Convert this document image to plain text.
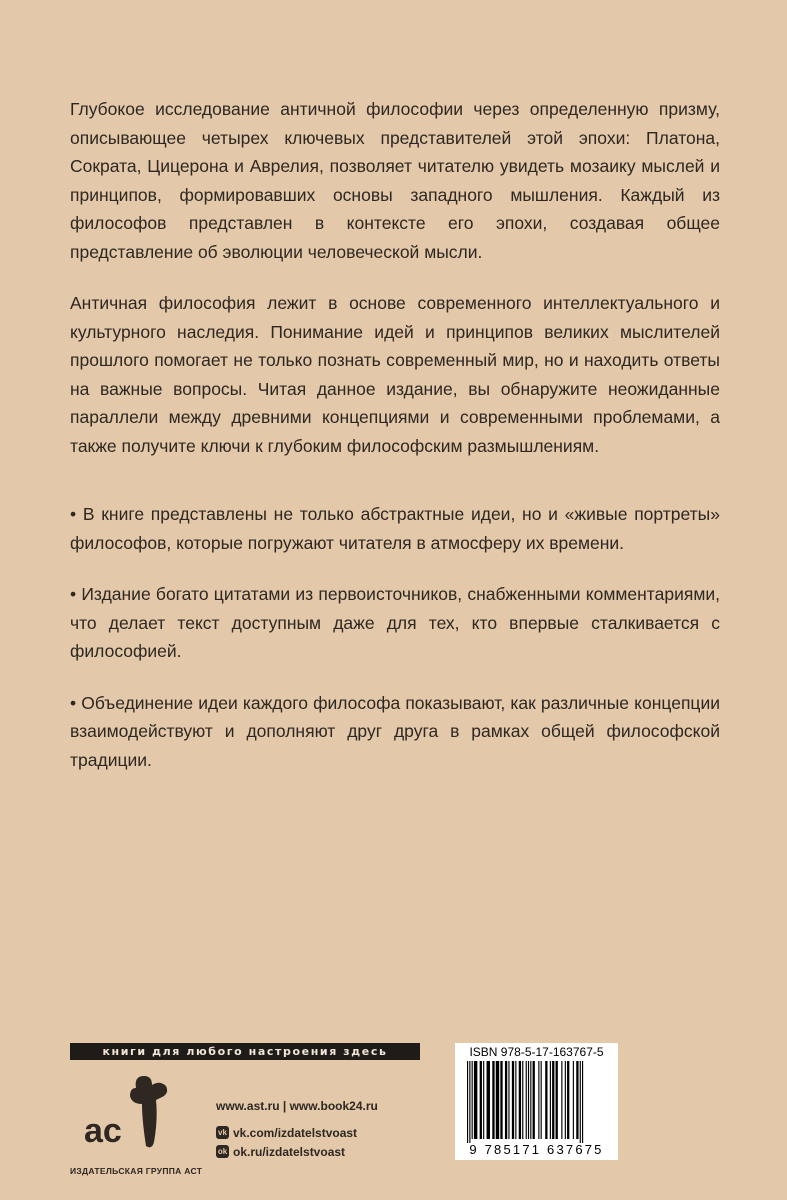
Глубокое исследование античной философии через определенную призму, описывающее четырех ключевых представителей этой эпохи: Платона, Сократа, Цицерона и Аврелия, позволяет читателю увидеть мозаику мыслей и принципов, формировавших основы западного мышления. Каждый из философов представлен в контексте его эпохи, создавая общее представление об эволюции человеческой мысли.

Античная философия лежит в основе современного интеллектуального и культурного наследия. Понимание идей и принципов великих мыслителей прошлого помогает не только познать современный мир, но и находить ответы на важные вопросы. Читая данное издание, вы обнаружите неожиданные параллели между древними концепциями и современными проблемами, а также получите ключи к глубоким философским размышлениям.

• В книге представлены не только абстрактные идеи, но и «живые портреты» философов, которые погружают читателя в атмосферу их времени.

• Издание богато цитатами из первоисточников, снабженными комментариями, что делает текст доступным даже для тех, кто впервые сталкивается с философией.

• Объединение идеи каждого философа показывают, как различные концепции взаимодействуют и дополняют друг друга в рамках общей философской традиции.

книги для любого настроения здесь
ac
ИЗДАТЕЛЬСКАЯ ГРУППА АСТ
www.ast.ru | www.book24.ru
vk vk.com/izdatelstvoast
ok ok.ru/izdatelstvoast
ISBN 978-5-17-163767-5
9 785171 637675
